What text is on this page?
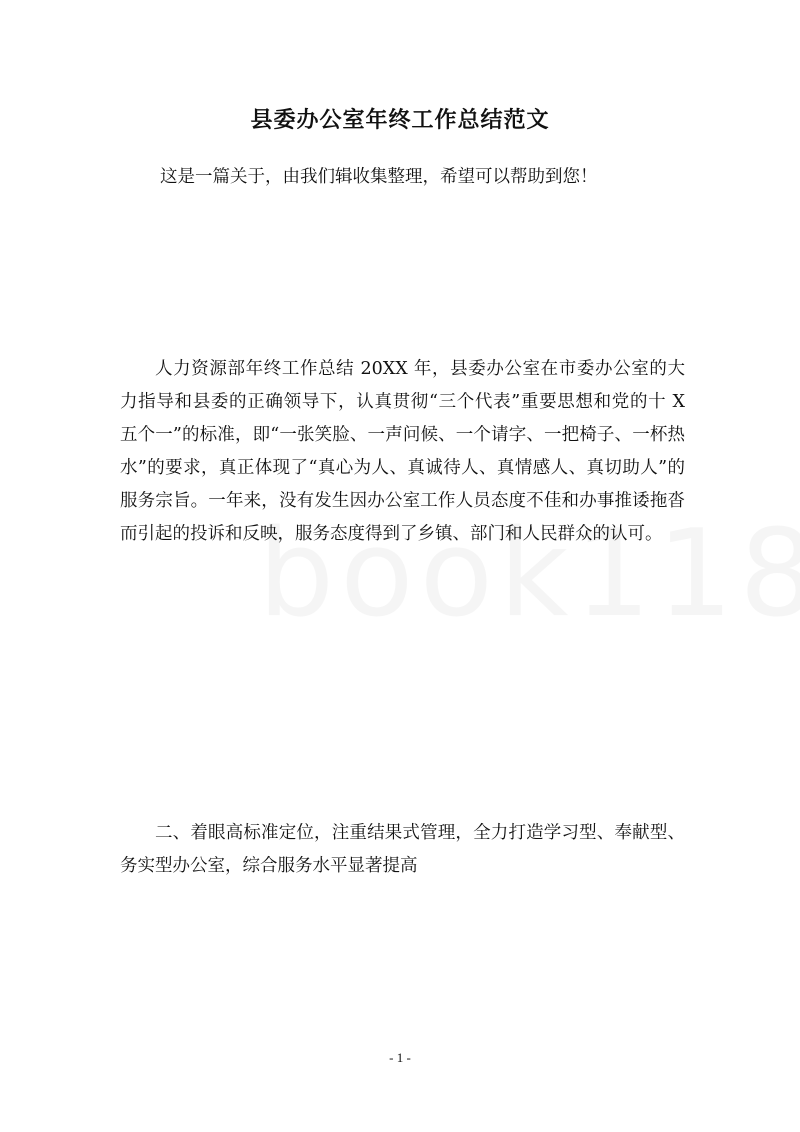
县委办公室年终工作总结范文

这是一篇关于，由我们辑收集整理，希望可以帮助到您！

人力资源部年终工作总结 20XX 年，县委办公室在市委办公室的大力指导和县委的正确领导下，认真贯彻“三个代表”重要思想和党的十 X 五个一”的标准，即“一张笑脸、一声问候、一个请字、一把椅子、一杯热水”的要求，真正体现了“真心为人、真诚待人、真情感人、真切助人”的服务宗旨。一年来，没有发生因办公室工作人员态度不佳和办事推诿拖沓而引起的投诉和反映，服务态度得到了乡镇、部门和人民群众的认可。

二、着眼高标准定位，注重结果式管理，全力打造学习型、奉献型、务实型办公室，综合服务水平显著提高

- 1 -
